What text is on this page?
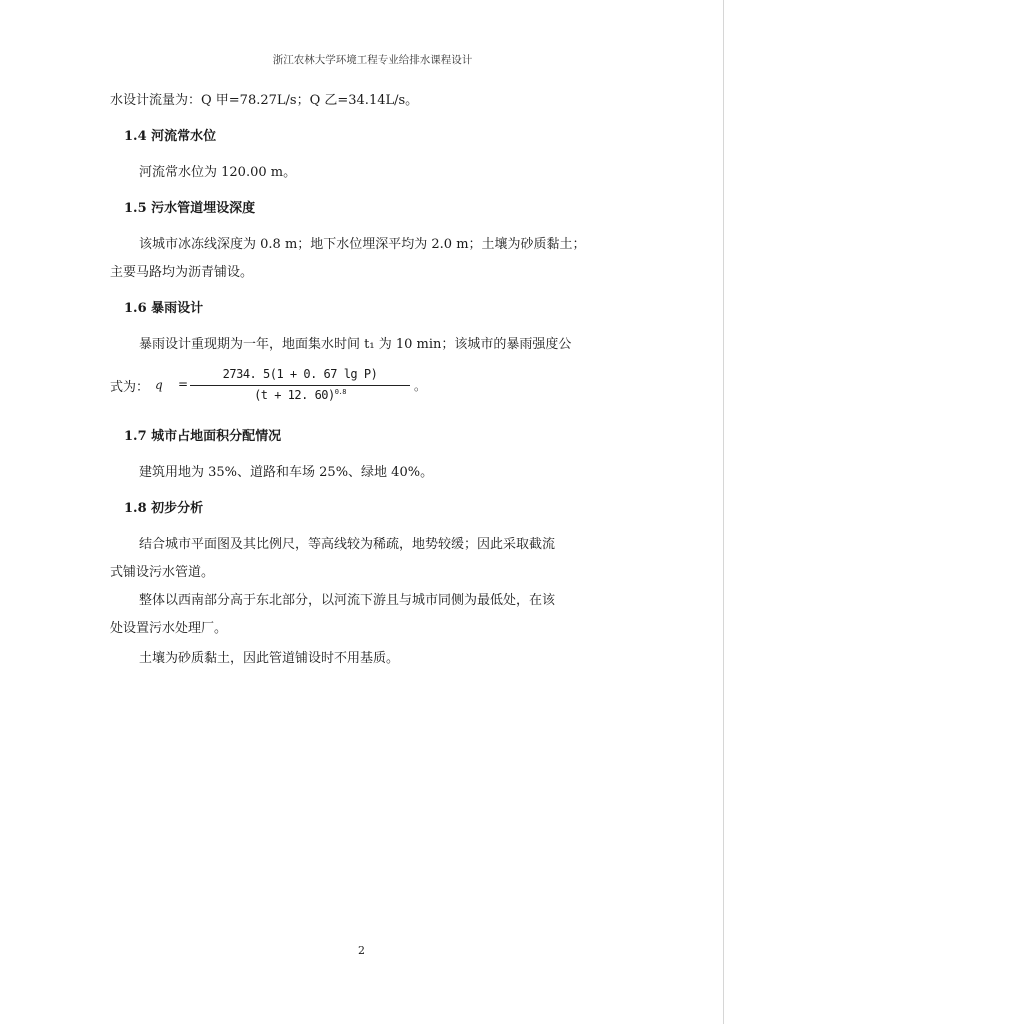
浙江农林大学环境工程专业给排水课程设计
水设计流量为：Q 甲=78.27L/s；Q 乙=34.14L/s。
1.4 河流常水位
河流常水位为 120.00 m。
1.5 污水管道埋设深度
该城市冰冻线深度为 0.8 m；地下水位埋深平均为 2.0 m；土壤为砂质黏土；
主要马路均为沥青铺设。
1.6 暴雨设计
暴雨设计重现期为一年，地面集水时间 t₁ 为 10 min；该城市的暴雨强度公
式为： q =
2734. 5(1 + 0. 67 lg P)
(t + 12. 60)$^{0.8}$	。
1.7 城市占地面积分配情况
建筑用地为 35%、道路和车场 25%、绿地 40%。
1.8 初步分析
结合城市平面图及其比例尺，等高线较为稀疏，地势较缓；因此采取截流
式铺设污水管道。
整体以西南部分高于东北部分，以河流下游且与城市同侧为最低处，在该
处设置污水处理厂。
土壤为砂质黏土，因此管道铺设时不用基质。
2
